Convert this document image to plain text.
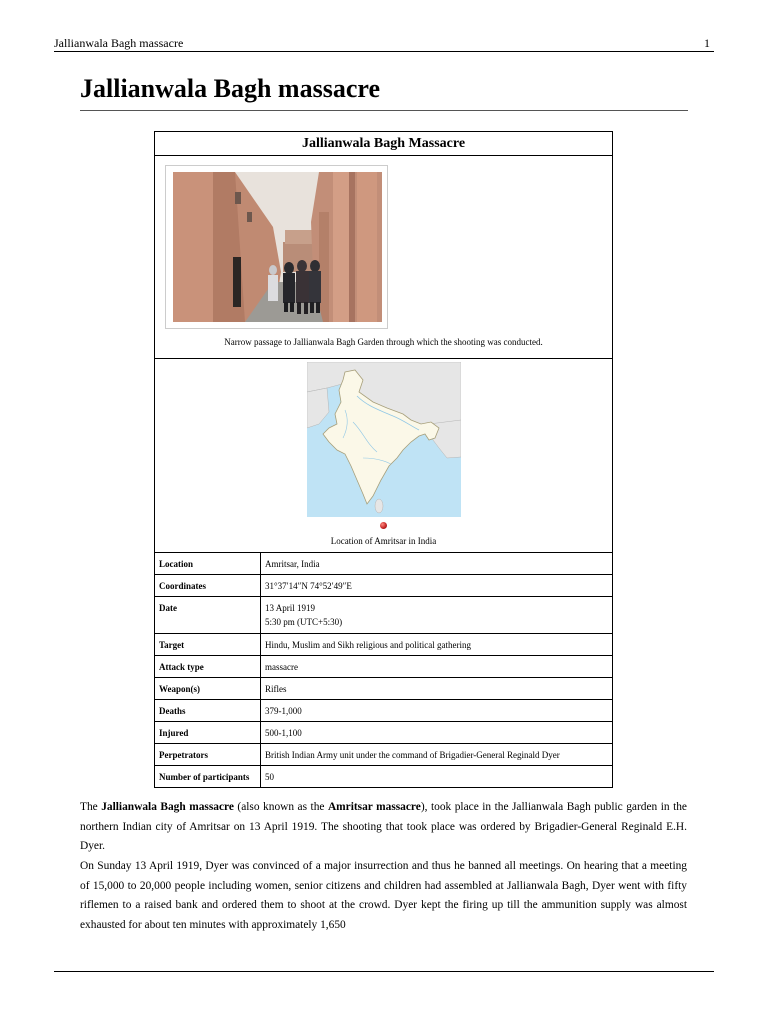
Jallianwala Bagh massacre	1
Jallianwala Bagh massacre
Jallianwala Bagh Massacre
Narrow passage to Jallianwala Bagh Garden through which the shooting was conducted.
Location of Amritsar in India
Location	Amritsar, India
Coordinates	31°37′14″N 74°52′49″E
Date	13 April 1919
5:30 pm (UTC+5:30)
Target	Hindu, Muslim and Sikh religious and political gathering
Attack type	massacre
Weapon(s)	Rifles
Deaths	379-1,000
Injured	500-1,100
Perpetrators	British Indian Army unit under the command of Brigadier-General Reginald Dyer
Number of participants	50

The Jallianwala Bagh massacre (also known as the Amritsar massacre), took place in the Jallianwala Bagh public garden in the northern Indian city of Amritsar on 13 April 1919. The shooting that took place was ordered by Brigadier-General Reginald E.H. Dyer.

On Sunday 13 April 1919, Dyer was convinced of a major insurrection and thus he banned all meetings. On hearing that a meeting of 15,000 to 20,000 people including women, senior citizens and children had assembled at Jallianwala Bagh, Dyer went with fifty riflemen to a raised bank and ordered them to shoot at the crowd. Dyer kept the firing up till the ammunition supply was almost exhausted for about ten minutes with approximately 1,650
